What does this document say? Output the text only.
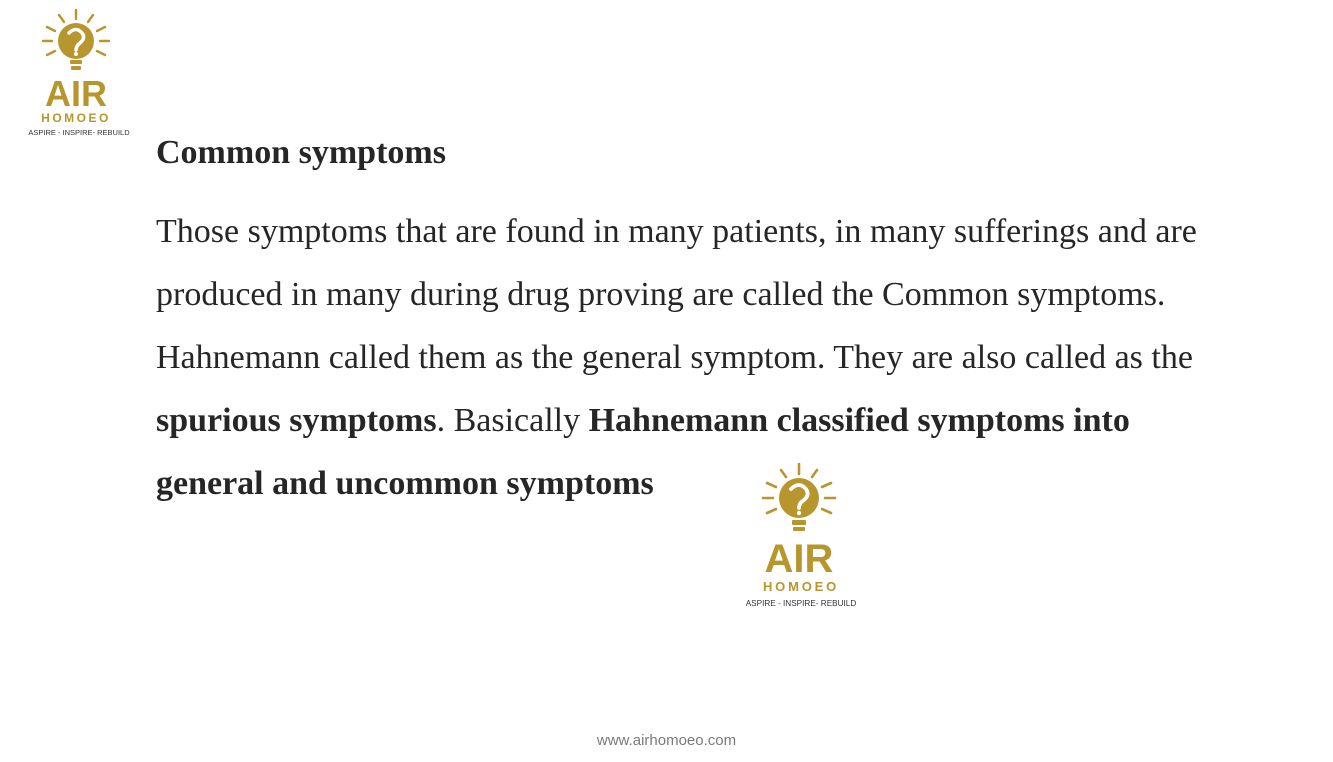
AIR
HOMOEO
ASPIRE - INSPIRE- REBUILD
Common symptoms
Those symptoms that are found in many patients, in many sufferings and are
produced in many during drug proving are called the Common symptoms.
Hahnemann called them as the general symptom. They are also called as the
spurious symptoms. Basically Hahnemann classified symptoms into
general and uncommon symptoms
AIR
HOMOEO
ASPIRE - INSPIRE- REBUILD
www.airhomoeo.com
